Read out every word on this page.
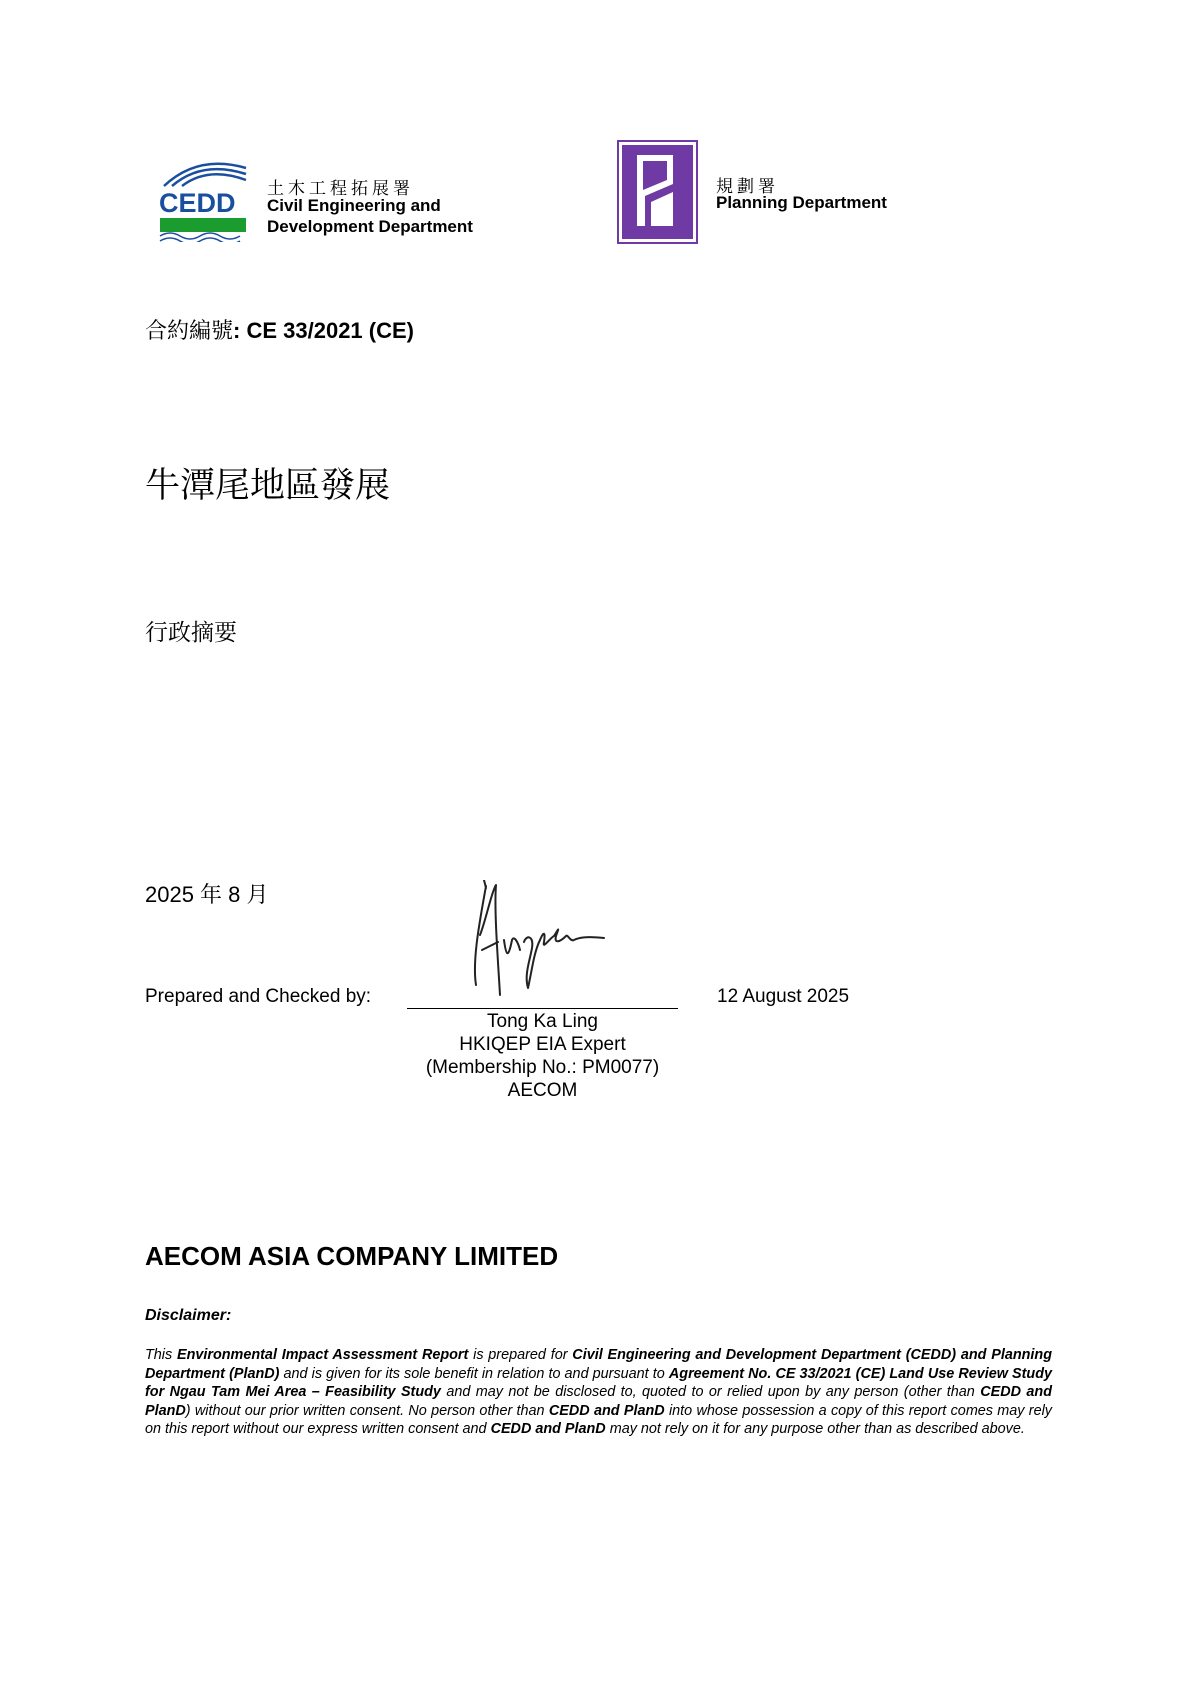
CEDD 土木工程拓展署
Civil Engineering and
Development Department
規劃署
Planning Department
合約編號: CE 33/2021 (CE)
牛潭尾地區發展
行政摘要
2025 年 8 月
Prepared and Checked by:	12 August 2025
Tong Ka Ling
HKIQEP EIA Expert
(Membership No.: PM0077)
AECOM
AECOM ASIA COMPANY LIMITED
Disclaimer:
This Environmental Impact Assessment Report is prepared for Civil Engineering and Development Department (CEDD) and Planning Department (PlanD) and is given for its sole benefit in relation to and pursuant to Agreement No. CE 33/2021 (CE) Land Use Review Study for Ngau Tam Mei Area – Feasibility Study and may not be disclosed to, quoted to or relied upon by any person (other than CEDD and PlanD) without our prior written consent. No person other than CEDD and PlanD into whose possession a copy of this report comes may rely on this report without our express written consent and CEDD and PlanD may not rely on it for any purpose other than as described above.
